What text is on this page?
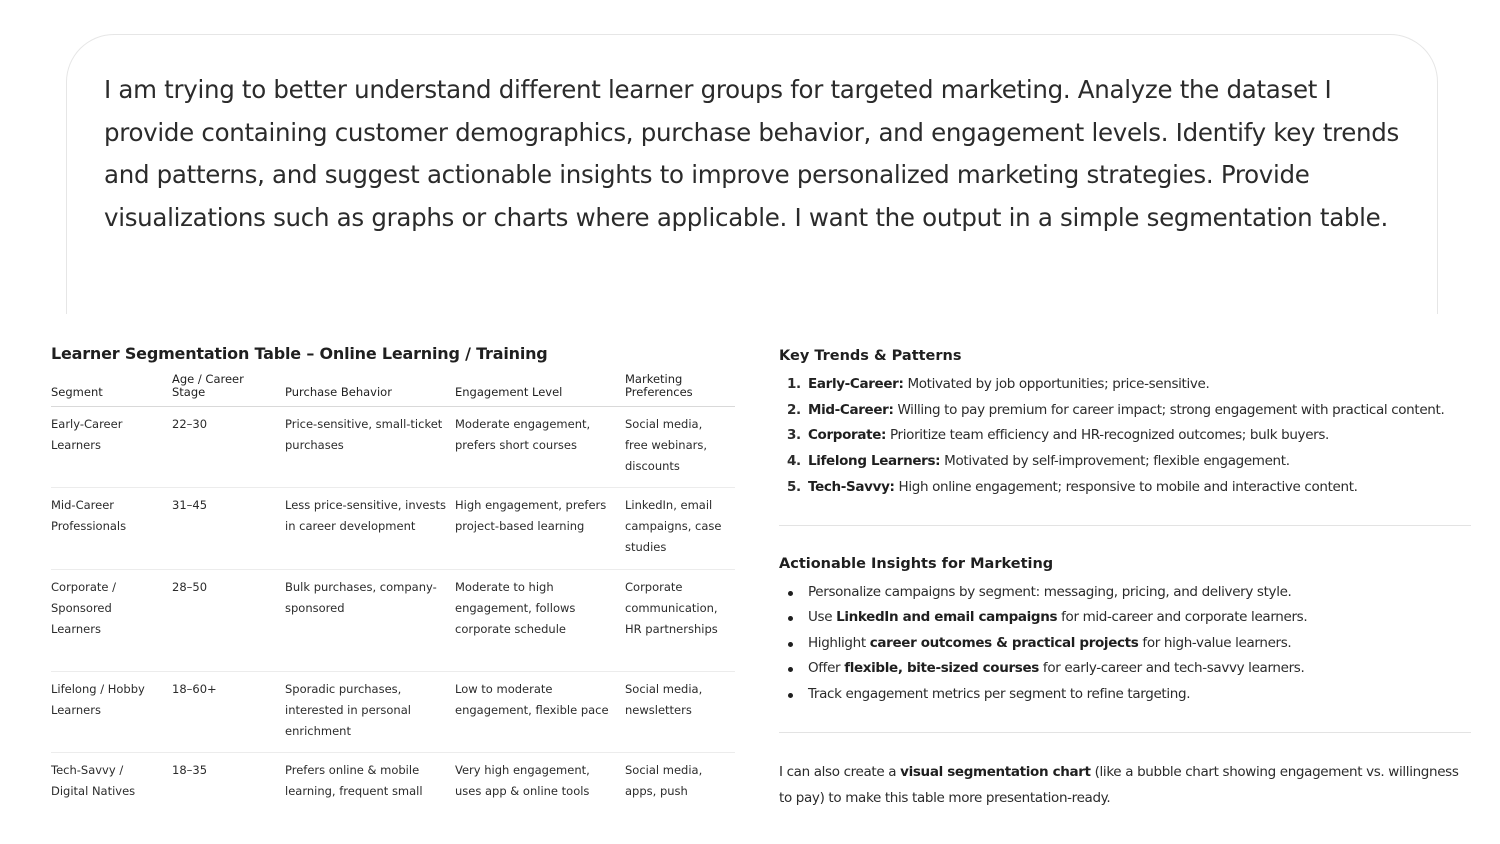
I am trying to better understand different learner groups for targeted marketing. Analyze the dataset I provide containing customer demographics, purchase behavior, and engagement levels. Identify key trends and patterns, and suggest actionable insights to improve personalized marketing strategies. Provide visualizations such as graphs or charts where applicable. I want the output in a simple segmentation table.
Learner Segmentation Table – Online Learning / Training
Segment	Age / Career Stage	Purchase Behavior	Engagement Level	Marketing Preferences
Early-Career Learners	22–30	Price-sensitive, small-ticket purchases	Moderate engagement, prefers short courses	Social media, free webinars, discounts
Mid-Career Professionals	31–45	Less price-sensitive, invests in career development	High engagement, prefers project-based learning	LinkedIn, email campaigns, case studies
Corporate / Sponsored Learners	28–50	Bulk purchases, company-sponsored	Moderate to high engagement, follows corporate schedule	Corporate communication, HR partnerships
Lifelong / Hobby Learners	18–60+	Sporadic purchases, interested in personal enrichment	Low to moderate engagement, flexible pace	Social media, newsletters
Tech-Savvy / Digital Natives	18–35	Prefers online & mobile learning, frequent small	Very high engagement, uses app & online tools	Social media, apps, push
Key Trends & Patterns
1. Early-Career: Motivated by job opportunities; price-sensitive.
2. Mid-Career: Willing to pay premium for career impact; strong engagement with practical content.
3. Corporate: Prioritize team efficiency and HR-recognized outcomes; bulk buyers.
4. Lifelong Learners: Motivated by self-improvement; flexible engagement.
5. Tech-Savvy: High online engagement; responsive to mobile and interactive content.
Actionable Insights for Marketing
Personalize campaigns by segment: messaging, pricing, and delivery style.
Use LinkedIn and email campaigns for mid-career and corporate learners.
Highlight career outcomes & practical projects for high-value learners.
Offer flexible, bite-sized courses for early-career and tech-savvy learners.
Track engagement metrics per segment to refine targeting.
I can also create a visual segmentation chart (like a bubble chart showing engagement vs. willingness to pay) to make this table more presentation-ready.
